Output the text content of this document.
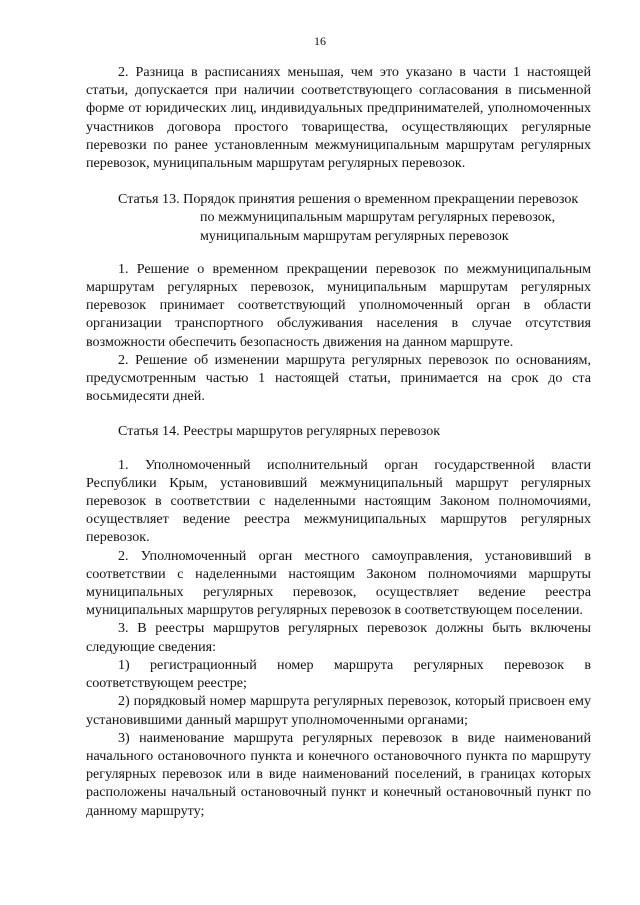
16

2. Разница в расписаниях меньшая, чем это указано в части 1 настоящей статьи, допускается при наличии соответствующего согласования в письменной форме от юридических лиц, индивидуальных предпринимателей, уполномоченных участников договора простого товарищества, осуществляющих регулярные перевозки по ранее установленным межмуниципальным маршрутам регулярных перевозок, муниципальным маршрутам регулярных перевозок.

Статья 13. Порядок принятия решения о временном прекращении перевозок по межмуниципальным маршрутам регулярных перевозок, муниципальным маршрутам регулярных перевозок

1. Решение о временном прекращении перевозок по межмуниципальным маршрутам регулярных перевозок, муниципальным маршрутам регулярных перевозок принимает соответствующий уполномоченный орган в области организации транспортного обслуживания населения в случае отсутствия возможности обеспечить безопасность движения на данном маршруте.

2. Решение об изменении маршрута регулярных перевозок по основаниям, предусмотренным частью 1 настоящей статьи, принимается на срок до ста восьмидесяти дней.

Статья 14. Реестры маршрутов регулярных перевозок

1. Уполномоченный исполнительный орган государственной власти Республики Крым, установивший межмуниципальный маршрут регулярных перевозок в соответствии с наделенными настоящим Законом полномочиями, осуществляет ведение реестра межмуниципальных маршрутов регулярных перевозок.

2. Уполномоченный орган местного самоуправления, установивший в соответствии с наделенными настоящим Законом полномочиями маршруты муниципальных регулярных перевозок, осуществляет ведение реестра муниципальных маршрутов регулярных перевозок в соответствующем поселении.

3. В реестры маршрутов регулярных перевозок должны быть включены следующие сведения:

1) регистрационный номер маршрута регулярных перевозок в соответствующем реестре;

2) порядковый номер маршрута регулярных перевозок, который присвоен ему установившими данный маршрут уполномоченными органами;

3) наименование маршрута регулярных перевозок в виде наименований начального остановочного пункта и конечного остановочного пункта по маршруту регулярных перевозок или в виде наименований поселений, в границах которых расположены начальный остановочный пункт и конечный остановочный пункт по данному маршруту;
